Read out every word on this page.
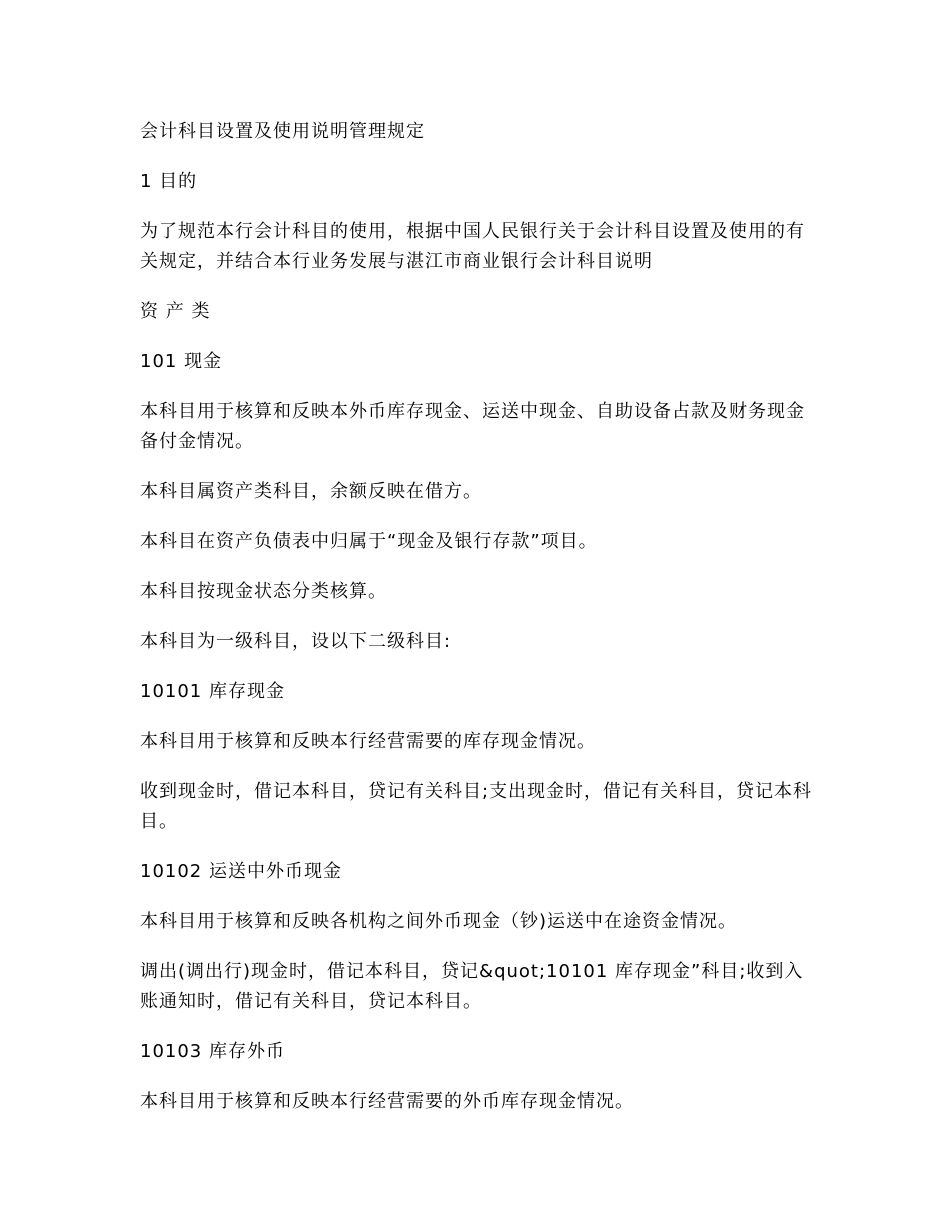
会计科目设置及使用说明管理规定

1 目的

为了规范本行会计科目的使用，根据中国人民银行关于会计科目设置及使用的有关规定，并结合本行业务发展与湛江市商业银行会计科目说明

资 产 类

101 现金

本科目用于核算和反映本外币库存现金、运送中现金、自助设备占款及财务现金备付金情况。

本科目属资产类科目，余额反映在借方。

本科目在资产负债表中归属于“现金及银行存款”项目。

本科目按现金状态分类核算。

本科目为一级科目，设以下二级科目:

10101 库存现金

本科目用于核算和反映本行经营需要的库存现金情况。

收到现金时，借记本科目，贷记有关科目;支出现金时，借记有关科目，贷记本科目。

10102 运送中外币现金

本科目用于核算和反映各机构之间外币现金（钞)运送中在途资金情况。

调出(调出行)现金时，借记本科目，贷记&quot;10101 库存现金”科目;收到入账通知时，借记有关科目，贷记本科目。

10103 库存外币

本科目用于核算和反映本行经营需要的外币库存现金情况。
